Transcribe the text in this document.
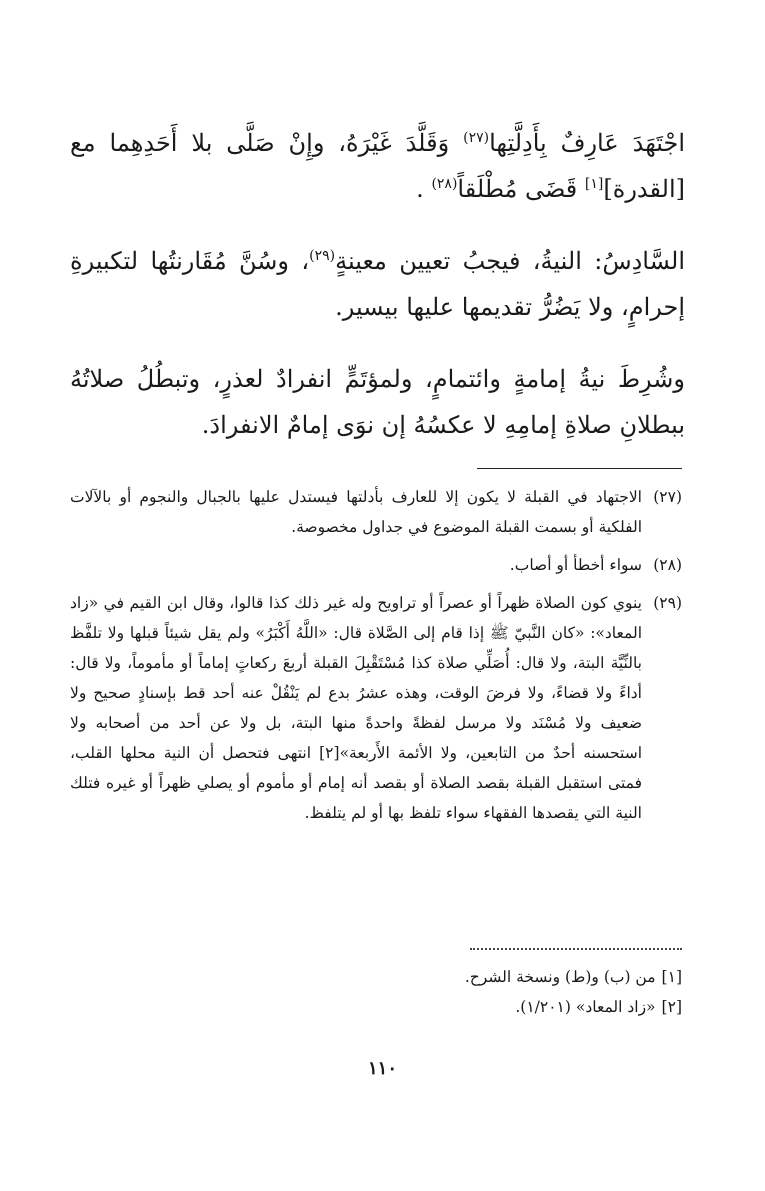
اجْتَهَدَ عَارِفٌ بِأَدِلَّتِها$^{(٢٧)}$ وَقَلَّدَ غَيْرَهُ، وإِنْ صَلَّى بلا أَحَدِهِما مع [القدرة][١] قَضَى مُطْلَقاً$^{(٢٨)}$ .

السَّادِسُ: النيةُ، فيجبُ تعيين معينةٍ$^{(٢٩)}$، وسُنَّ مُقَارنتُها لتكبيرةِ إحرامٍ، ولا يَضُرُّ تقديمها عليها بيسير.

وشُرِطَ نيةُ إمامةٍ وائتمامٍ، ولمؤتَمٍّ انفرادٌ لعذرٍ، وتبطُلُ صلاتُهُ ببطلانِ صلاةِ إمامِهِ لا عكسُهُ إن نوَى إمامٌ الانفرادَ.

(٢٧)
الاجتهاد في القبلة لا يكون إلا للعارف بأدلتها فيستدل عليها بالجبال والنجوم أو بالآلات الفلكية أو بسمت القبلة الموضوع في جداول مخصوصة.
(٢٨)
سواء أخطأ أو أصاب.
(٢٩)
ينوي كون الصلاة ظهراً أو عصراً أو تراويح وله غير ذلك كذا قالوا، وقال ابن القيم في «زاد المعاد»: «كان النَّبيّ ﷺ إذا قام إلى الصَّلاة قال: «اللَّهُ أَكْبَرُ» ولم يقل شيئاً قبلها ولا تلفَّظ بالنِّيَّة البتة، ولا قال: أُصَلِّي صلاة كذا مُسْتَقْبِلَ القبلة أربعَ ركعاتٍ إماماً أو مأموماً، ولا قال: أداءً ولا قضاءً، ولا فرضَ الوقت، وهذه عشرُ بدع لم يَنْقُلْ عنه أحد قط بإسنادٍ صحيح ولا ضعيف ولا مُسْنَد ولا مرسل لفظةً واحدةً منها البتة، بل ولا عن أحد من أصحابه ولا استحسنه أحدٌ من التابعين، ولا الأئمة الأَربعة»[٢] انتهى فتحصل أن النية محلها القلب، فمتى استقبل القبلة بقصد الصلاة أو بقصد أنه إمام أو مأموم أو يصلي ظهراً أو غيره فتلك النية التي يقصدها الفقهاء سواء تلفظ بها أو لم يتلفظ.
[١]من (ب) و(ط) ونسخة الشرح.
[٢]«زاد المعاد» (١/٢٠١).
١١٠
